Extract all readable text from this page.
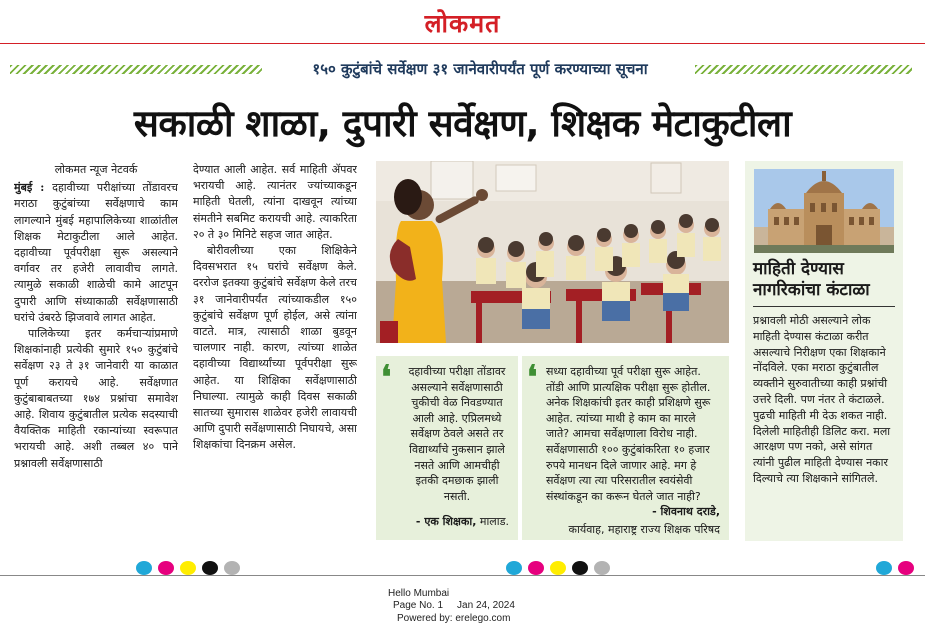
लोकमत
१५० कुटुंबांचे सर्वेक्षण ३१ जानेवारीपर्यंत पूर्ण करण्याच्या सूचना
सकाळी शाळा, दुपारी सर्वेक्षण, शिक्षक मेटाकुटीला
लोकमत न्यूज नेटवर्क

मुंबई : दहावीच्या परीक्षांच्या तोंडावरच मराठा कुटुंबांच्या सर्वेक्षणाचे काम लागल्याने मुंबई महापालिकेच्या शाळांतील शिक्षक मेटाकुटीला आले आहेत. दहावीच्या पूर्वपरीक्षा सुरू असल्याने वर्गावर तर हजेरी लावावीच लागते. त्यामुळे सकाळी शाळेची कामे आटपून दुपारी आणि संध्याकाळी सर्वेक्षणासाठी घरांचे उंबरठे झिजवावे लागत आहेत.

पालिकेच्या इतर कर्मचाऱ्यांप्रमाणे शिक्षकांनाही प्रत्येकी सुमारे १५० कुटुंबांचे सर्वेक्षण २३ ते ३१ जानेवारी या काळात पूर्ण करायचे आहे. सर्वेक्षणात कुटुंबाबाबतच्या १७४ प्रश्नांचा समावेश आहे. शिवाय कुटुंबातील प्रत्येक सदस्याची वैयक्तिक माहिती रकान्यांच्या स्वरूपात भरायची आहे. अशी तब्बल ४० पाने प्रश्नावली सर्वेक्षणासाठी

देण्यात आली आहेत. सर्व माहिती ॲपवर भरायची आहे. त्यानंतर ज्यांच्याकडून माहिती घेतली, त्यांना दाखवून त्यांच्या संमतीने सबमिट करायची आहे. त्याकरिता २० ते ३० मिनिटे सहज जात आहेत.

बोरीवलीच्या एका शिक्षिकेने दिवसभरात १५ घरांचे सर्वेक्षण केले. दररोज इतक्या कुटुंबांचे सर्वेक्षण केले तरच ३१ जानेवारीपर्यंत त्यांच्याकडील १५० कुटुंबांचे सर्वेक्षण पूर्ण होईल, असे त्यांना वाटते. मात्र, त्यासाठी शाळा बुडवून चालणार नाही. कारण, त्यांच्या शाळेत दहावीच्या विद्यार्थ्यांच्या पूर्वपरीक्षा सुरू आहेत. या शिक्षिका सर्वेक्षणासाठी निघाल्या. त्यामुळे काही दिवस सकाळी सातच्या सुमारास शाळेवर हजेरी लावायची आणि दुपारी सर्वेक्षणासाठी निघायचे, असा शिक्षकांचा दिनक्रम असेल.

❛	दहावीच्या परीक्षा तोंडावर असल्याने सर्वेक्षणासाठी चुकीची वेळ निवडण्यात आली आहे. एप्रिलमध्ये सर्वेक्षण ठेवले असते तर विद्यार्थ्यांचे नुकसान झाले नसते आणि आमचीही इतकी दमछाक झाली नसती.
- एक शिक्षका, मालाड.
❛ सध्या दहावीच्या पूर्व परीक्षा सुरू आहेत. तोंडी आणि प्रात्यक्षिक परीक्षा सुरू होतील. अनेक शिक्षकांची इतर काही प्रशिक्षणे सुरू आहेत. त्यांच्या माथी हे काम का मारले जाते? आमचा सर्वेक्षणाला विरोध नाही. सर्वेक्षणासाठी १०० कुटुंबांकरिता १० हजार रुपये मानधन दिले जाणार आहे. मग हे सर्वेक्षण त्या त्या परिसरातील स्वयंसेवी संस्थांकडून का करून घेतले जात नाही?
- शिवनाथ दराडे,
कार्यवाह, महाराष्ट्र राज्य शिक्षक परिषद
माहिती देण्यास नागरिकांचा कंटाळा
प्रश्नावली मोठी असल्याने लोक माहिती देण्यास कंटाळा करीत असल्याचे निरीक्षण एका शिक्षकाने नोंदविले. एका मराठा कुटुंबातील व्यक्तीने सुरुवातीच्या काही प्रश्नांची उत्तरे दिली. पण नंतर ते कंटाळले. पुढची माहिती मी देऊ शकत नाही. दिलेली माहितीही डिलिट करा. मला आरक्षण पण नको, असे सांगत त्यांनी पुढील माहिती देण्यास नकार दिल्याचे त्या शिक्षकाने सांगितले.
Hello Mumbai
Page No. 1 Jan 24, 2024
Powered by: erelego.com
